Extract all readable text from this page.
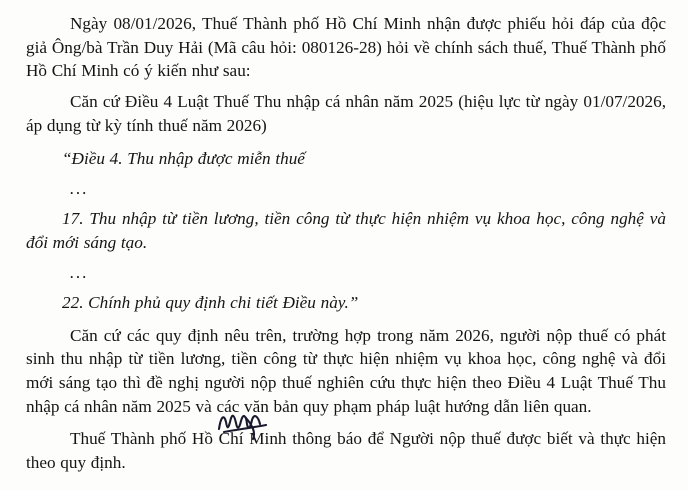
Ngày 08/01/2026, Thuế Thành phố Hồ Chí Minh nhận được phiếu hỏi đáp của độc giả Ông/bà Trần Duy Hải (Mã câu hỏi: 080126-28) hỏi về chính sách thuế, Thuế Thành phố Hồ Chí Minh có ý kiến như sau:

Căn cứ Điều 4 Luật Thuế Thu nhập cá nhân năm 2025 (hiệu lực từ ngày 01/07/2026, áp dụng từ kỳ tính thuế năm 2026)

“Điều 4. Thu nhập được miễn thuế

...

17. Thu nhập từ tiền lương, tiền công từ thực hiện nhiệm vụ khoa học, công nghệ và đổi mới sáng tạo.

...

22. Chính phủ quy định chi tiết Điều này.”

Căn cứ các quy định nêu trên, trường hợp trong năm 2026, người nộp thuế có phát sinh thu nhập từ tiền lương, tiền công từ thực hiện nhiệm vụ khoa học, công nghệ và đổi mới sáng tạo thì đề nghị người nộp thuế nghiên cứu thực hiện theo Điều 4 Luật Thuế Thu nhập cá nhân năm 2025 và các văn bản quy phạm pháp luật hướng dẫn liên quan.

Thuế Thành phố Hồ Chí Minh thông báo để Người nộp thuế được biết và thực hiện theo quy định.
